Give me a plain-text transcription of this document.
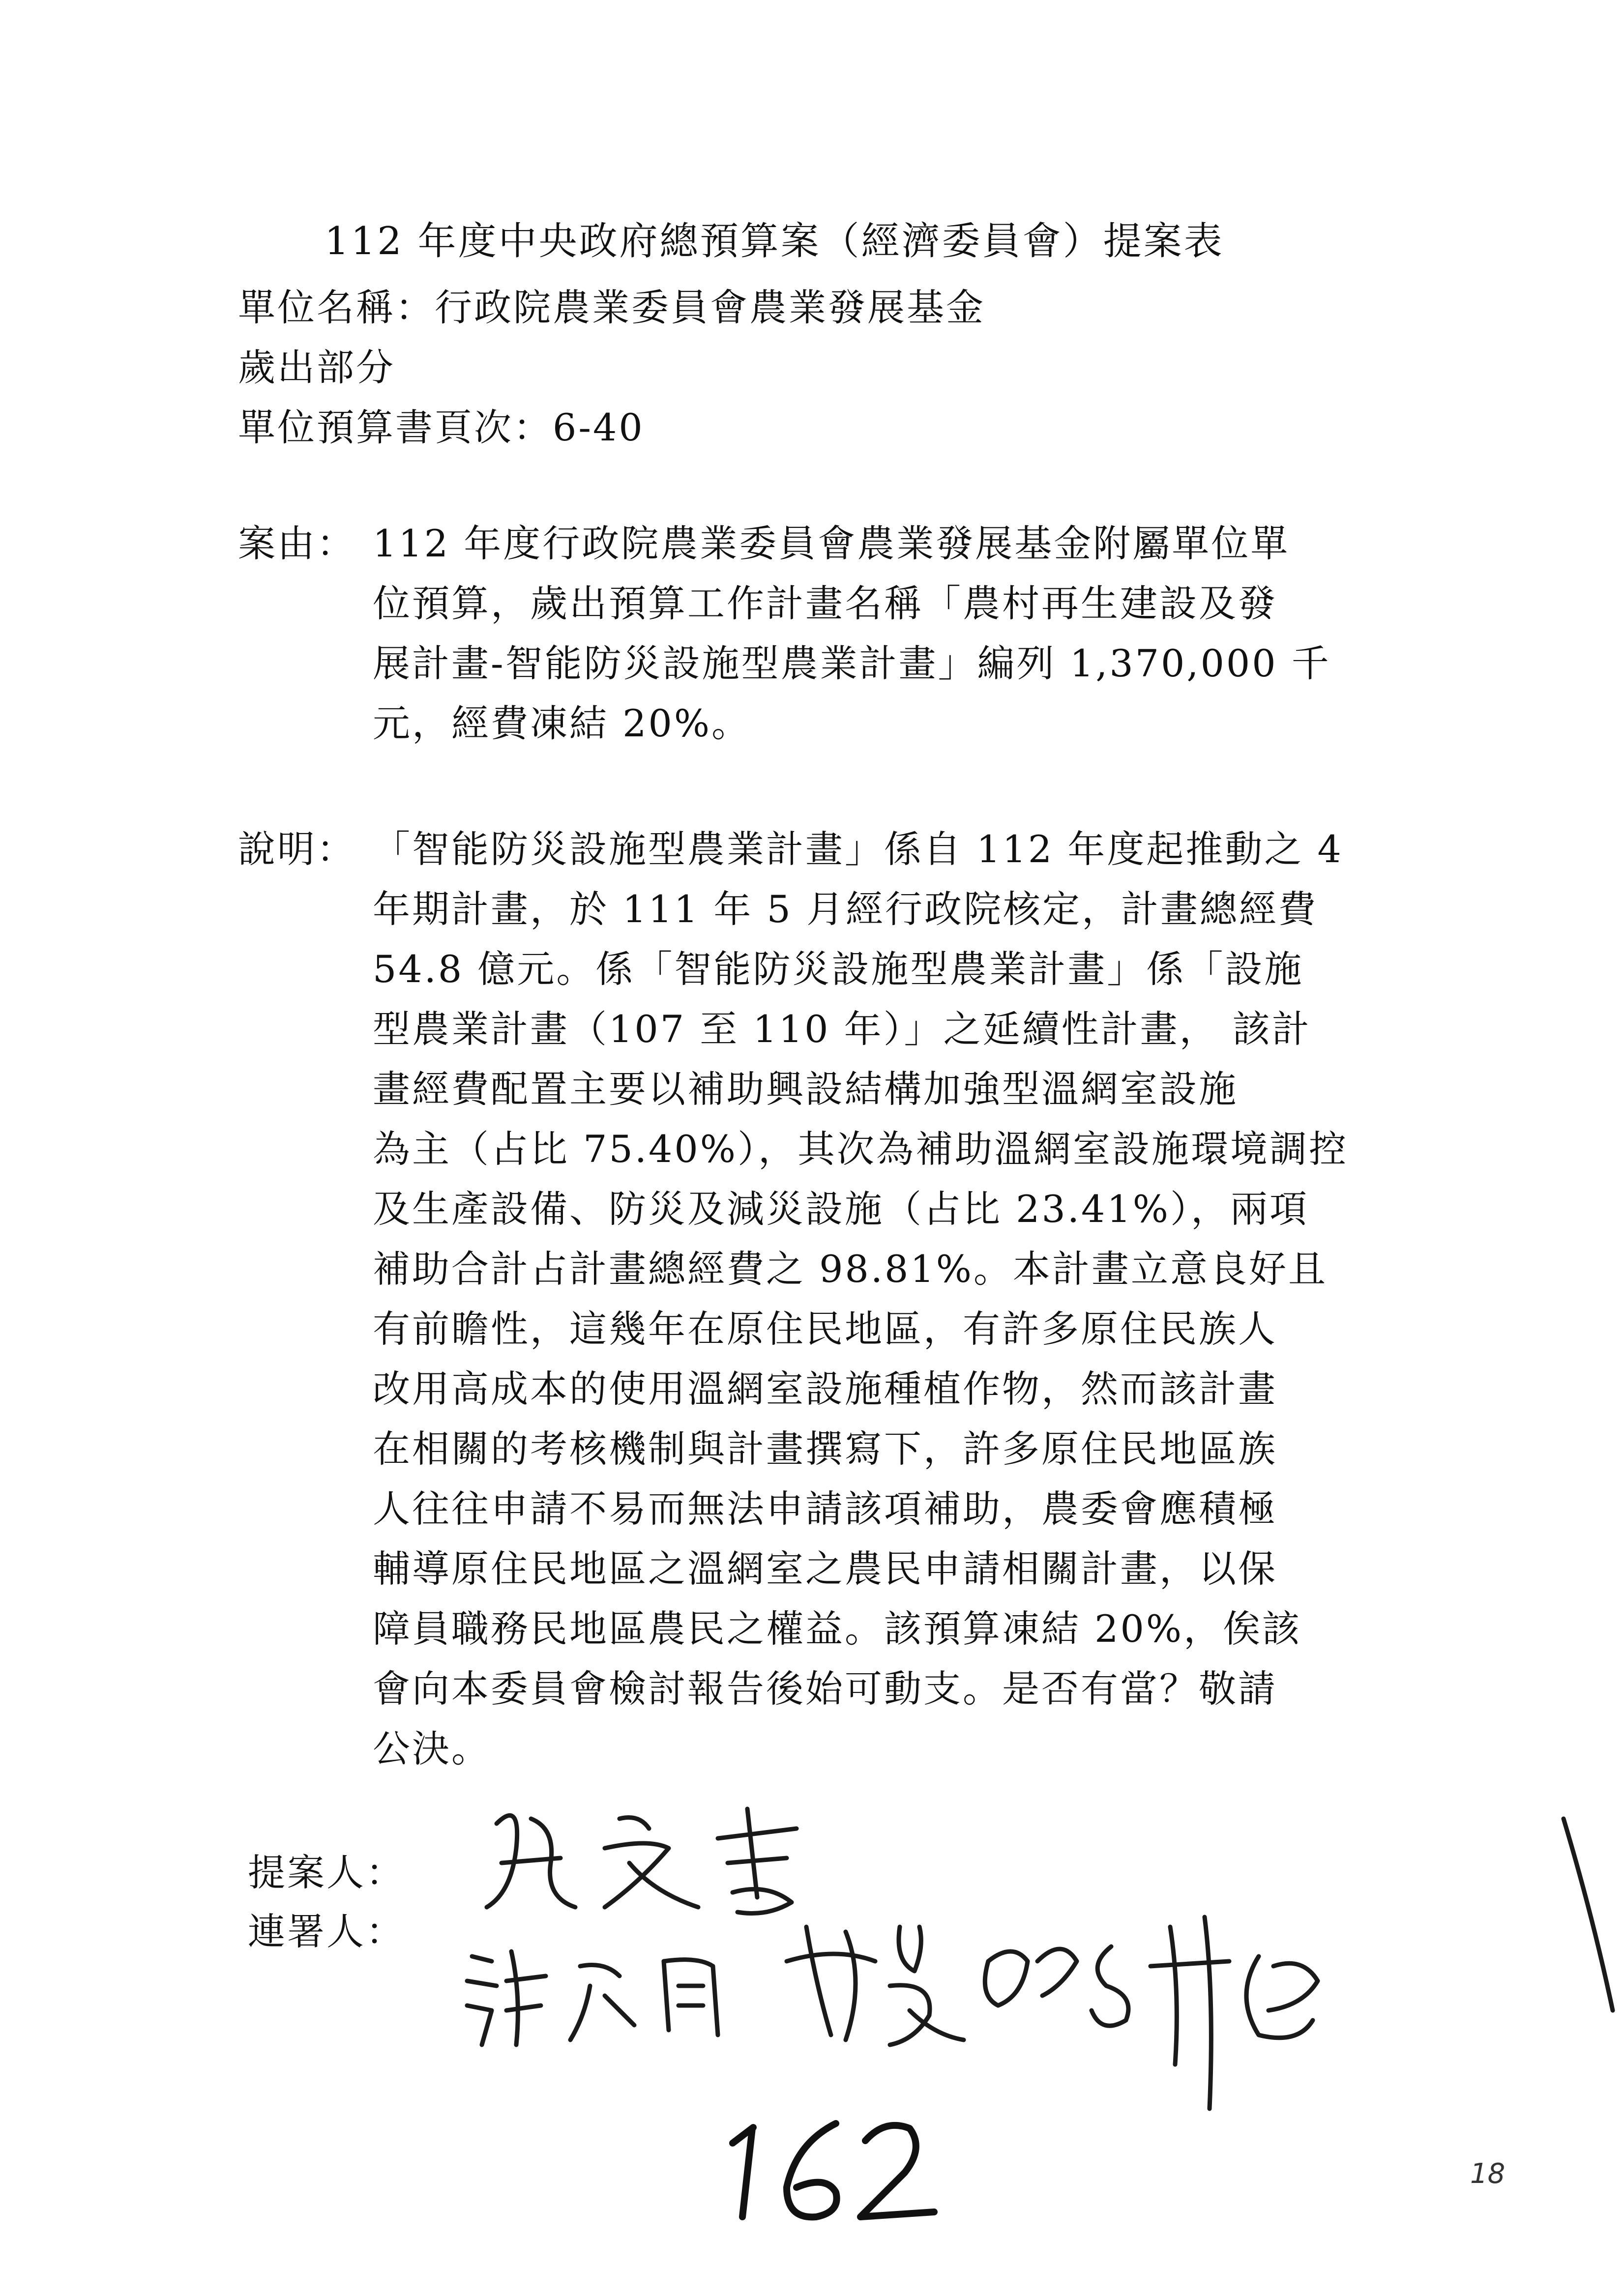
112 年度中央政府總預算案（經濟委員會）提案表
單位名稱：行政院農業委員會農業發展基金
歲出部分
單位預算書頁次：6-40
案由： 112 年度行政院農業委員會農業發展基金附屬單位單
位預算，歲出預算工作計畫名稱「農村再生建設及發
展計畫-智能防災設施型農業計畫」編列 1,370,000 千
元，經費凍結 20%。
說明： 「智能防災設施型農業計畫」係自 112 年度起推動之 4
年期計畫，於 111 年 5 月經行政院核定，計畫總經費
54.8 億元。係「智能防災設施型農業計畫」係「設施
型農業計畫（107 至 110 年）」之延續性計畫， 該計
畫經費配置主要以補助興設結構加強型溫網室設施
為主（占比 75.40%），其次為補助溫網室設施環境調控
及生產設備、防災及減災設施（占比 23.41%），兩項
補助合計占計畫總經費之 98.81%。本計畫立意良好且
有前瞻性，這幾年在原住民地區，有許多原住民族人
改用高成本的使用溫網室設施種植作物，然而該計畫
在相關的考核機制與計畫撰寫下，許多原住民地區族
人往往申請不易而無法申請該項補助，農委會應積極
輔導原住民地區之溫網室之農民申請相關計畫，以保
障員職務民地區農民之權益。該預算凍結 20%，俟該
會向本委員會檢討報告後始可動支。是否有當？敬請
公決。
提案人：
連署人：
18
